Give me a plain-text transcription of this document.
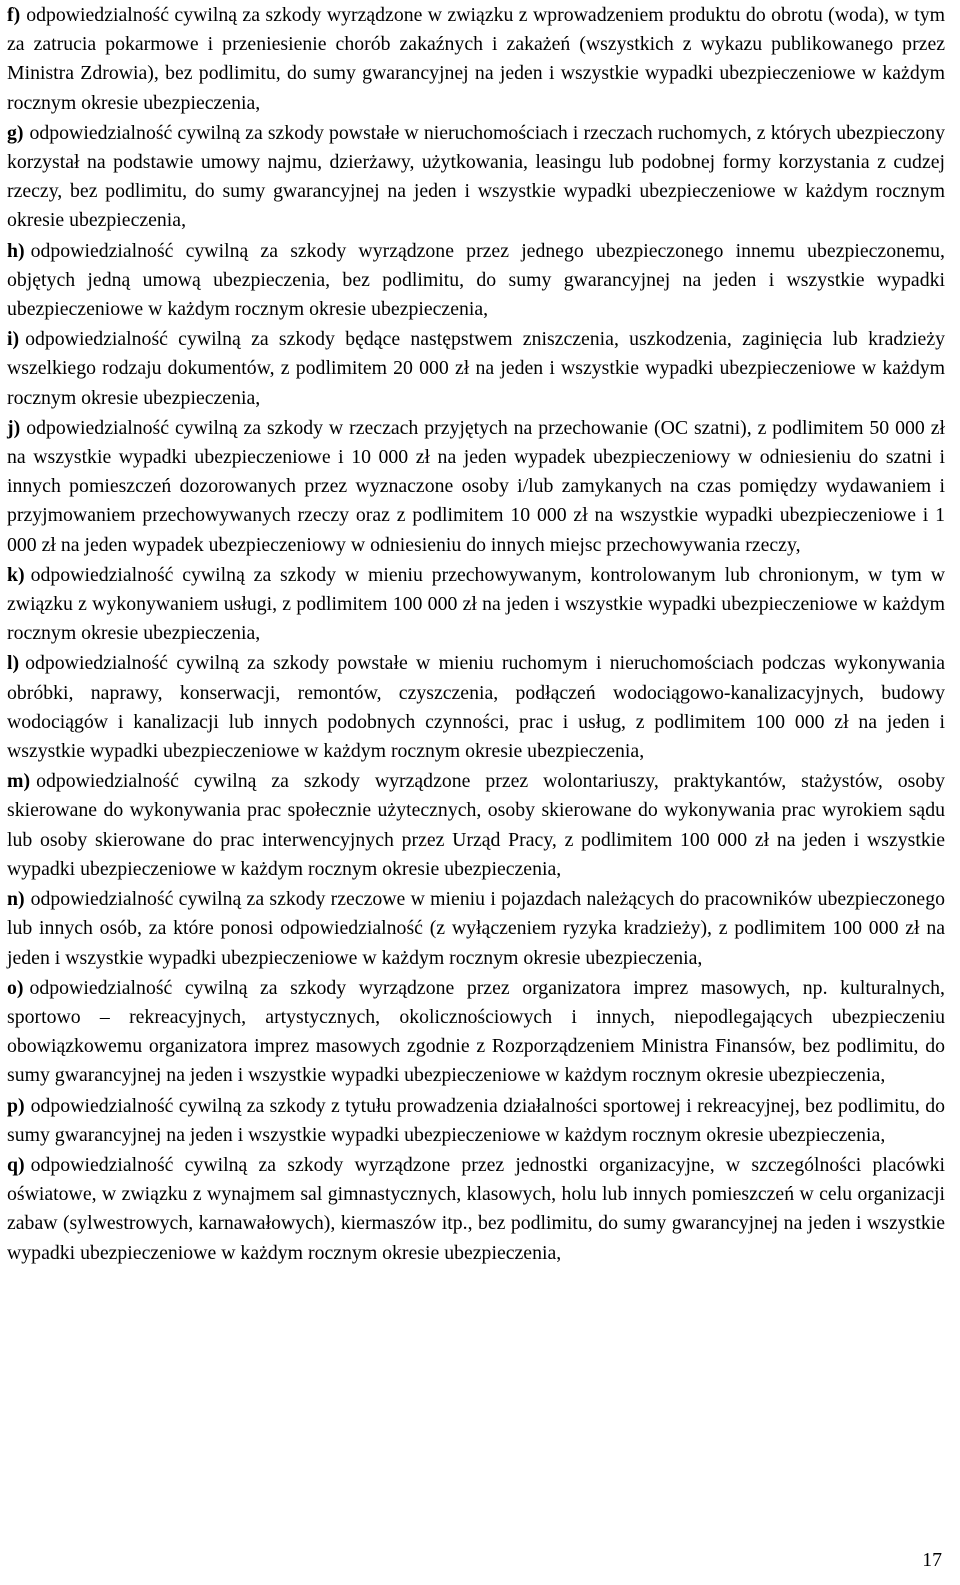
f) odpowiedzialność cywilną za szkody wyrządzone w związku z wprowadzeniem produktu do obrotu (woda), w tym za zatrucia pokarmowe i przeniesienie chorób zakaźnych i zakażeń (wszystkich z wykazu publikowanego przez Ministra Zdrowia), bez podlimitu, do sumy gwarancyjnej na jeden i wszystkie wypadki ubezpieczeniowe w każdym rocznym okresie ubezpieczenia,

g) odpowiedzialność cywilną za szkody powstałe w nieruchomościach i rzeczach ruchomych, z których ubezpieczony korzystał na podstawie umowy najmu, dzierżawy, użytkowania, leasingu lub podobnej formy korzystania z cudzej rzeczy, bez podlimitu, do sumy gwarancyjnej na jeden i wszystkie wypadki ubezpieczeniowe w każdym rocznym okresie ubezpieczenia,

h) odpowiedzialność cywilną za szkody wyrządzone przez jednego ubezpieczonego innemu ubezpieczonemu, objętych jedną umową ubezpieczenia, bez podlimitu, do sumy gwarancyjnej na jeden i wszystkie wypadki ubezpieczeniowe w każdym rocznym okresie ubezpieczenia,

i) odpowiedzialność cywilną za szkody będące następstwem zniszczenia, uszkodzenia, zaginięcia lub kradzieży wszelkiego rodzaju dokumentów, z podlimitem 20 000 zł na jeden i wszystkie wypadki ubezpieczeniowe w każdym rocznym okresie ubezpieczenia,

j) odpowiedzialność cywilną za szkody w rzeczach przyjętych na przechowanie (OC szatni), z podlimitem 50 000 zł na wszystkie wypadki ubezpieczeniowe i 10 000 zł na jeden wypadek ubezpieczeniowy w odniesieniu do szatni i innych pomieszczeń dozorowanych przez wyznaczone osoby i/lub zamykanych na czas pomiędzy wydawaniem i przyjmowaniem przechowywanych rzeczy oraz z podlimitem 10 000 zł na wszystkie wypadki ubezpieczeniowe i 1 000 zł na jeden wypadek ubezpieczeniowy w odniesieniu do innych miejsc przechowywania rzeczy,

k) odpowiedzialność cywilną za szkody w mieniu przechowywanym, kontrolowanym lub chronionym, w tym w związku z wykonywaniem usługi, z podlimitem 100 000 zł na jeden i wszystkie wypadki ubezpieczeniowe w każdym rocznym okresie ubezpieczenia,

l) odpowiedzialność cywilną za szkody powstałe w mieniu ruchomym i nieruchomościach podczas wykonywania obróbki, naprawy, konserwacji, remontów, czyszczenia, podłączeń wodociągowo-kanalizacyjnych, budowy wodociągów i kanalizacji lub innych podobnych czynności, prac i usług, z podlimitem 100 000 zł na jeden i wszystkie wypadki ubezpieczeniowe w każdym rocznym okresie ubezpieczenia,

m) odpowiedzialność cywilną za szkody wyrządzone przez wolontariuszy, praktykantów, stażystów, osoby skierowane do wykonywania prac społecznie użytecznych, osoby skierowane do wykonywania prac wyrokiem sądu lub osoby skierowane do prac interwencyjnych przez Urząd Pracy, z podlimitem 100 000 zł na jeden i wszystkie wypadki ubezpieczeniowe w każdym rocznym okresie ubezpieczenia,

n) odpowiedzialność cywilną za szkody rzeczowe w mieniu i pojazdach należących do pracowników ubezpieczonego lub innych osób, za które ponosi odpowiedzialność (z wyłączeniem ryzyka kradzieży), z podlimitem 100 000 zł na jeden i wszystkie wypadki ubezpieczeniowe w każdym rocznym okresie ubezpieczenia,

o) odpowiedzialność cywilną za szkody wyrządzone przez organizatora imprez masowych, np. kulturalnych, sportowo – rekreacyjnych, artystycznych, okolicznościowych i innych, niepodlegających ubezpieczeniu obowiązkowemu organizatora imprez masowych zgodnie z Rozporządzeniem Ministra Finansów, bez podlimitu, do sumy gwarancyjnej na jeden i wszystkie wypadki ubezpieczeniowe w każdym rocznym okresie ubezpieczenia,

p) odpowiedzialność cywilną za szkody z tytułu prowadzenia działalności sportowej i rekreacyjnej, bez podlimitu, do sumy gwarancyjnej na jeden i wszystkie wypadki ubezpieczeniowe w każdym rocznym okresie ubezpieczenia,

q) odpowiedzialność cywilną za szkody wyrządzone przez jednostki organizacyjne, w szczególności placówki oświatowe, w związku z wynajmem sal gimnastycznych, klasowych, holu lub innych pomieszczeń w celu organizacji zabaw (sylwestrowych, karnawałowych), kiermaszów itp., bez podlimitu, do sumy gwarancyjnej na jeden i wszystkie wypadki ubezpieczeniowe w każdym rocznym okresie ubezpieczenia,

17
